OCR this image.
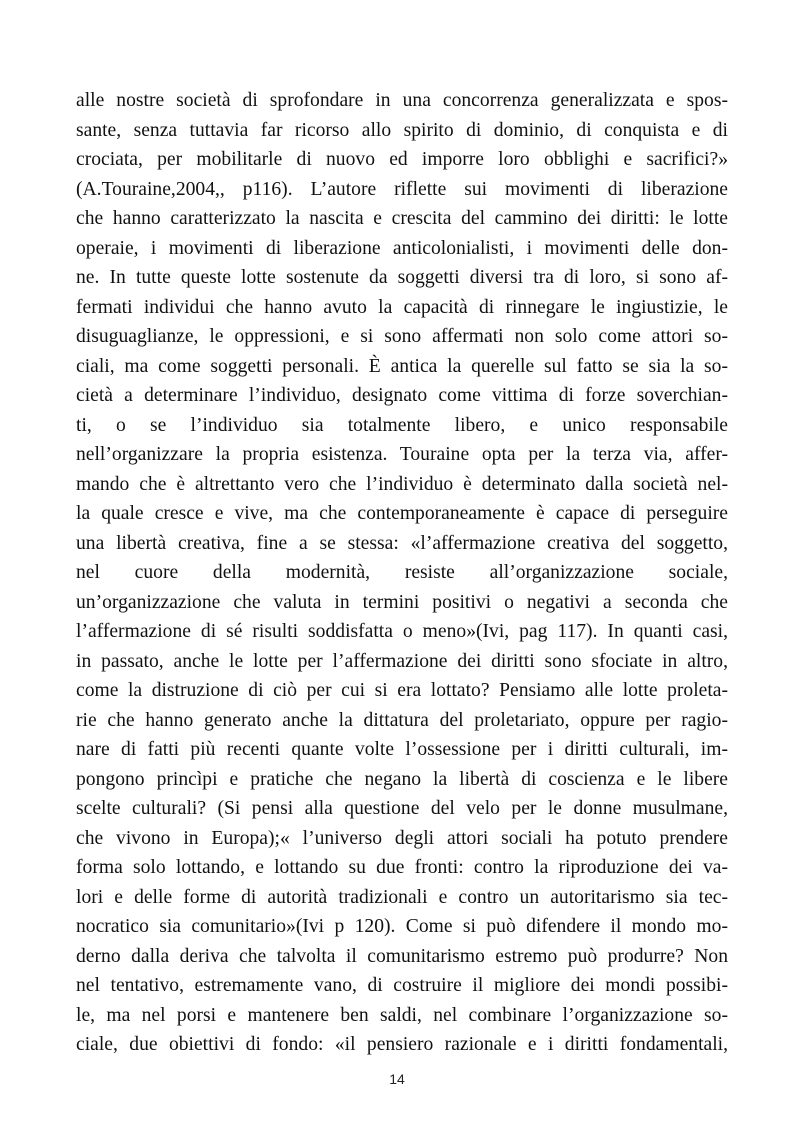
alle nostre società di sprofondare in una concorrenza generalizzata e spos-
sante, senza tuttavia far ricorso allo spirito di dominio, di conquista e di
crociata, per mobilitarle di nuovo ed imporre loro obblighi e sacrifici?»
(A.Touraine,2004,, p116). L’autore riflette sui movimenti di liberazione
che hanno caratterizzato la nascita e crescita del cammino dei diritti: le lotte
operaie, i movimenti di liberazione anticolonialisti, i movimenti delle don-
ne. In tutte queste lotte sostenute da soggetti diversi tra di loro, si sono af-
fermati individui che hanno avuto la capacità di rinnegare le ingiustizie, le
disuguaglianze, le oppressioni, e si sono affermati non solo come attori so-
ciali, ma come soggetti personali. È antica la querelle sul fatto se sia la so-
cietà a determinare l’individuo, designato come vittima di forze soverchian-
ti, o se l’individuo sia totalmente libero, e unico responsabile
nell’organizzare la propria esistenza. Touraine opta per la terza via, affer-
mando che è altrettanto vero che l’individuo è determinato dalla società nel-
la quale cresce e vive, ma che contemporaneamente è capace di perseguire
una libertà creativa, fine a se stessa: «l’affermazione creativa del soggetto,
nel cuore della modernità, resiste all’organizzazione sociale,
un’organizzazione che valuta in termini positivi o negativi a seconda che
l’affermazione di sé risulti soddisfatta o meno»(Ivi, pag 117). In quanti casi,
in passato, anche le lotte per l’affermazione dei diritti sono sfociate in altro,
come la distruzione di ciò per cui si era lottato? Pensiamo alle lotte proleta-
rie che hanno generato anche la dittatura del proletariato, oppure per ragio-
nare di fatti più recenti quante volte l’ossessione per i diritti culturali, im-
pongono princìpi e pratiche che negano la libertà di coscienza e le libere
scelte culturali? (Si pensi alla questione del velo per le donne musulmane,
che vivono in Europa);« l’universo degli attori sociali ha potuto prendere
forma solo lottando, e lottando su due fronti: contro la riproduzione dei va-
lori e delle forme di autorità tradizionali e contro un autoritarismo sia tec-
nocratico sia comunitario»(Ivi p 120). Come si può difendere il mondo mo-
derno dalla deriva che talvolta il comunitarismo estremo può produrre? Non
nel tentativo, estremamente vano, di costruire il migliore dei mondi possibi-
le, ma nel porsi e mantenere ben saldi, nel combinare l’organizzazione so-
ciale, due obiettivi di fondo: «il pensiero razionale e i diritti fondamentali,
14
